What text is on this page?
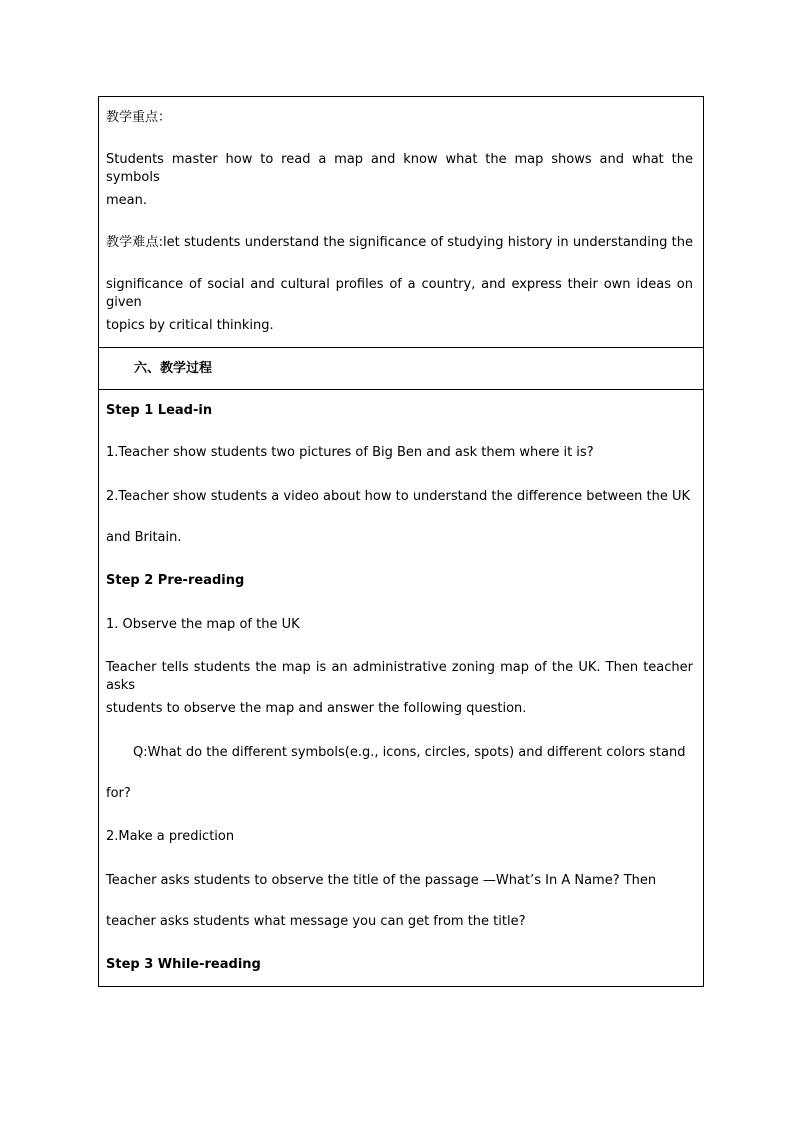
教学重点：

Students master how to read a map and know what the map shows and what the symbols

mean.

教学难点:let students understand the significance of studying history in understanding the

significance of social and cultural profiles of a country, and express their own ideas on given

topics by critical thinking.

六、教学过程

Step 1 Lead-in

1.Teacher show students two pictures of Big Ben and ask them where it is?

2.Teacher show students a video about how to understand the difference between the UK

and Britain.

Step 2 Pre-reading

1. Observe the map of the UK

Teacher tells students the map is an administrative zoning map of the UK. Then teacher asks

students to observe the map and answer the following question.

Q:What do the different symbols(e.g., icons, circles, spots) and different colors stand

for?

2.Make a prediction

Teacher asks students to observe the title of the passage —What’s In A Name? Then

teacher asks students what message you can get from the title?

Step 3 While-reading
